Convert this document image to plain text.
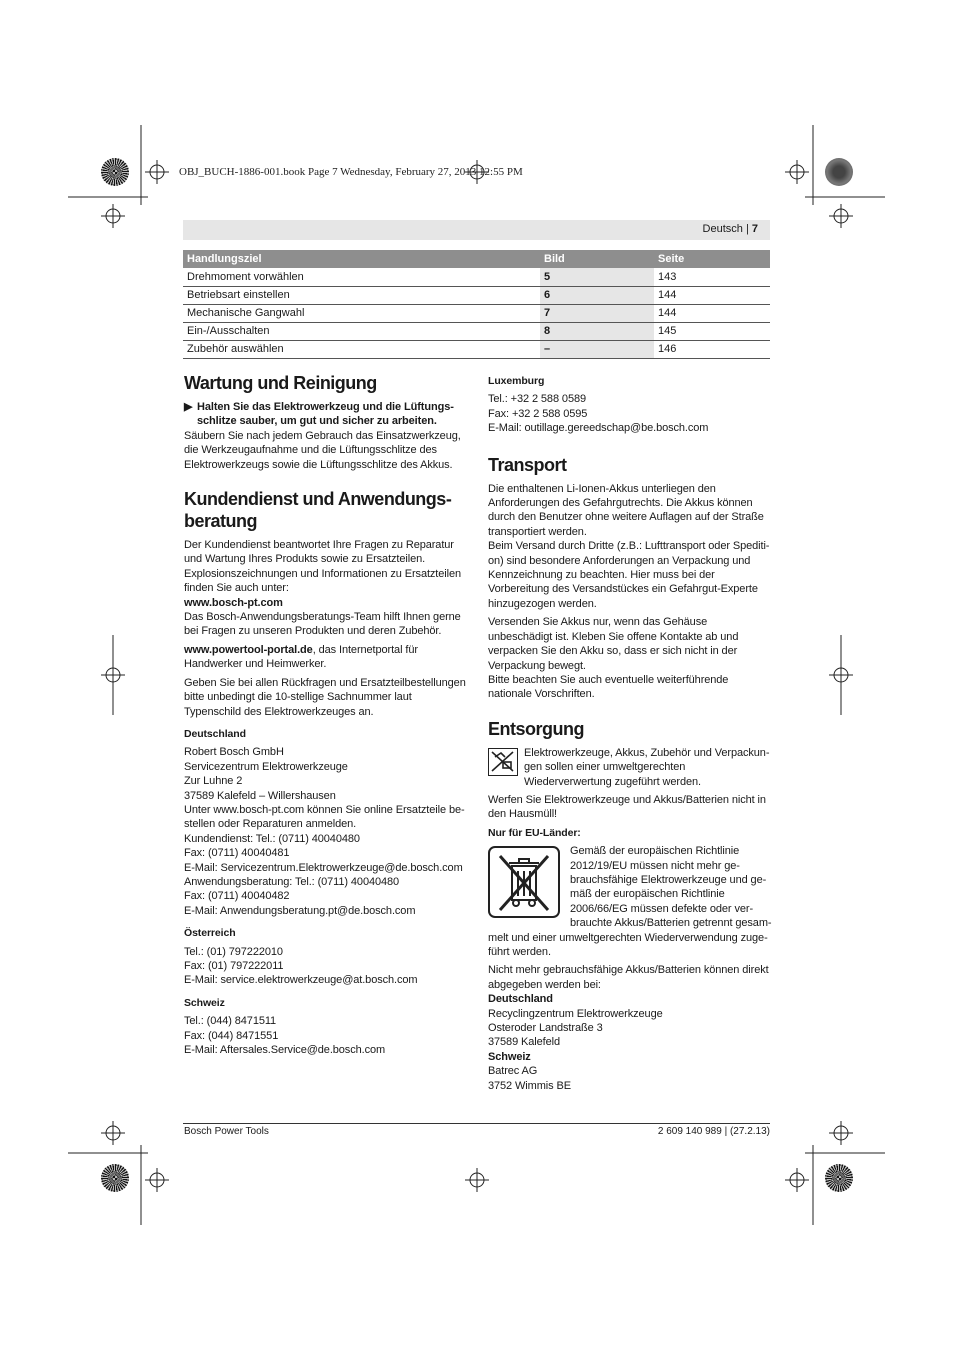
OBJ_BUCH-1886-001.book Page 7 Wednesday, February 27, 2013 12:55 PM
Deutsch | 7
Handlungsziel	Bild	Seite
Drehmoment vorwählen	5	143
Betriebsart einstellen	6	144
Mechanische Gangwahl	7	144
Ein-/Ausschalten	8	145
Zubehör auswählen	–	146
Wartung und Reinigung
▶ Halten Sie das Elektrowerkzeug und die Lüftungsschlitze sauber, um gut und sicher zu arbeiten.

Säubern Sie nach jedem Gebrauch das Einsatzwerkzeug, die Werkzeugaufnahme und die Lüftungsschlitze des Elektrowerkzeugs sowie die Lüftungsschlitze des Akkus.

Kundendienst und Anwendungsberatung

Der Kundendienst beantwortet Ihre Fragen zu Reparatur und Wartung Ihres Produkts sowie zu Ersatzteilen. Explosionszeichnungen und Informationen zu Ersatzteilen finden Sie auch unter:

www.bosch-pt.com

Das Bosch-Anwendungsberatungs-Team hilft Ihnen gerne bei Fragen zu unseren Produkten und deren Zubehör.

www.powertool-portal.de, das Internetportal für Handwerker und Heimwerker.

Geben Sie bei allen Rückfragen und Ersatzteilbestellungen bitte unbedingt die 10-stellige Sachnummer laut Typenschild des Elektrowerkzeuges an.

Deutschland
Robert Bosch GmbH
Servicezentrum Elektrowerkzeuge
Zur Luhne 2
37589 Kalefeld – Willershausen
Unter www.bosch-pt.com können Sie online Ersatzteile bestellen oder Reparaturen anmelden.
Kundendienst: Tel.: (0711) 40040480
Fax: (0711) 40040481
E-Mail: Servicezentrum.Elektrowerkzeuge@de.bosch.com
Anwendungsberatung: Tel.: (0711) 40040480
Fax: (0711) 40040482
E-Mail: Anwendungsberatung.pt@de.bosch.com
Österreich
Tel.: (01) 797222010
Fax: (01) 797222011
E-Mail: service.elektrowerkzeuge@at.bosch.com
Schweiz
Tel.: (044) 8471511
Fax: (044) 8471551
E-Mail: Aftersales.Service@de.bosch.com
Luxemburg
Tel.: +32 2 588 0589
Fax: +32 2 588 0595
E-Mail: outillage.gereedschap@be.bosch.com
Transport

Die enthaltenen Li-Ionen-Akkus unterliegen den Anforderungen des Gefahrgutrechts. Die Akkus können durch den Benutzer ohne weitere Auflagen auf der Straße transportiert werden.

Beim Versand durch Dritte (z.B.: Lufttransport oder Spedition) sind besondere Anforderungen an Verpackung und Kennzeichnung zu beachten. Hier muss bei der Vorbereitung des Versandstückes ein Gefahrgut-Experte hinzugezogen werden.

Versenden Sie Akkus nur, wenn das Gehäuse unbeschädigt ist. Kleben Sie offene Kontakte ab und verpacken Sie den Akku so, dass er sich nicht in der Verpackung bewegt.

Bitte beachten Sie auch eventuelle weiterführende nationale Vorschriften.

Entsorgung

Elektrowerkzeuge, Akkus, Zubehör und Verpackungen sollen einer umweltgerechten Wiederverwertung zugeführt werden.

Werfen Sie Elektrowerkzeuge und Akkus/Batterien nicht in den Hausmüll!

Nur für EU-Länder:

Gemäß der europäischen Richtlinie 2012/19/EU müssen nicht mehr gebrauchsfähige Elektrowerkzeuge und gemäß der europäischen Richtlinie 2006/66/EG müssen defekte oder verbrauchte Akkus/Batterien getrennt gesammelt und einer umweltgerechten Wiederverwendung zugeführt werden.

Nicht mehr gebrauchsfähige Akkus/Batterien können direkt abgegeben werden bei:

Deutschland
Recyclingzentrum Elektrowerkzeuge
Osteroder Landstraße 3
37589 Kalefeld
Schweiz
Batrec AG
3752 Wimmis BE
Bosch Power Tools	2 609 140 989 | (27.2.13)
